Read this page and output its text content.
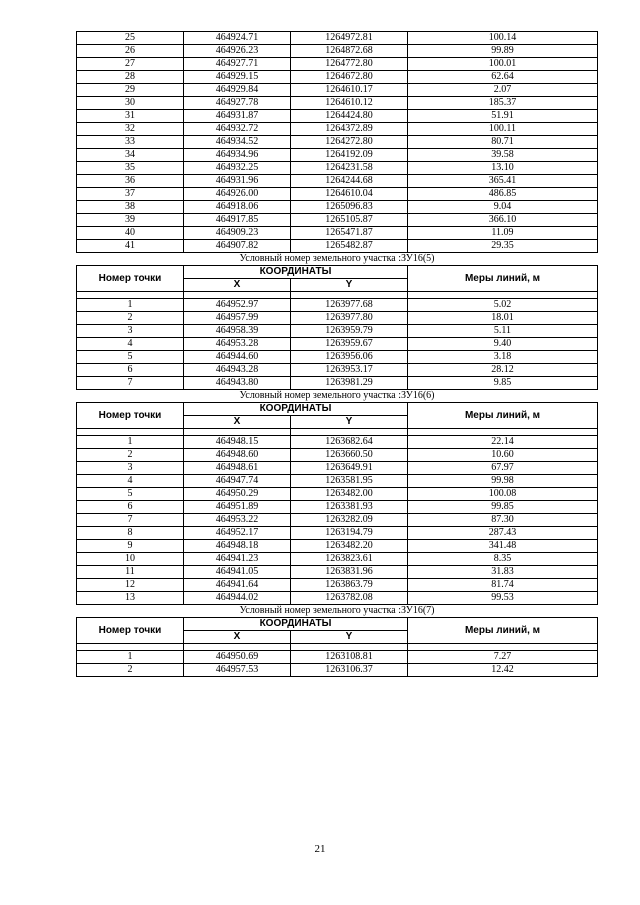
25	464924.71	1264972.81	100.14
26	464926.23	1264872.68	99.89
27	464927.71	1264772.80	100.01
28	464929.15	1264672.80	62.64
29	464929.84	1264610.17	2.07
30	464927.78	1264610.12	185.37
31	464931.87	1264424.80	51.91
32	464932.72	1264372.89	100.11
33	464934.52	1264272.80	80.71
34	464934.96	1264192.09	39.58
35	464932.25	1264231.58	13.10
36	464931.96	1264244.68	365.41
37	464926.00	1264610.04	486.85
38	464918.06	1265096.83	9.04
39	464917.85	1265105.87	366.10
40	464909.23	1265471.87	11.09
41	464907.82	1265482.87	29.35
Условный номер земельного участка :ЗУ16(5)			
Номер точки	КООРДИНАТЫ		Меры линий, м
	X	Y	

1	464952.97	1263977.68	5.02
2	464957.99	1263977.80	18.01
3	464958.39	1263959.79	5.11
4	464953.28	1263959.67	9.40
5	464944.60	1263956.06	3.18
6	464943.28	1263953.17	28.12
7	464943.80	1263981.29	9.85
Условный номер земельного участка :ЗУ16(6)			
Номер точки	КООРДИНАТЫ		Меры линий, м
	X	Y	

1	464948.15	1263682.64	22.14
2	464948.60	1263660.50	10.60
3	464948.61	1263649.91	67.97
4	464947.74	1263581.95	99.98
5	464950.29	1263482.00	100.08
6	464951.89	1263381.93	99.85
7	464953.22	1263282.09	87.30
8	464952.17	1263194.79	287.43
9	464948.18	1263482.20	341.48
10	464941.23	1263823.61	8.35
11	464941.05	1263831.96	31.83
12	464941.64	1263863.79	81.74
13	464944.02	1263782.08	99.53
Условный номер земельного участка :ЗУ16(7)			
Номер точки	КООРДИНАТЫ		Меры линий, м
	X	Y	

1	464950.69	1263108.81	7.27
2	464957.53	1263106.37	12.42
21
